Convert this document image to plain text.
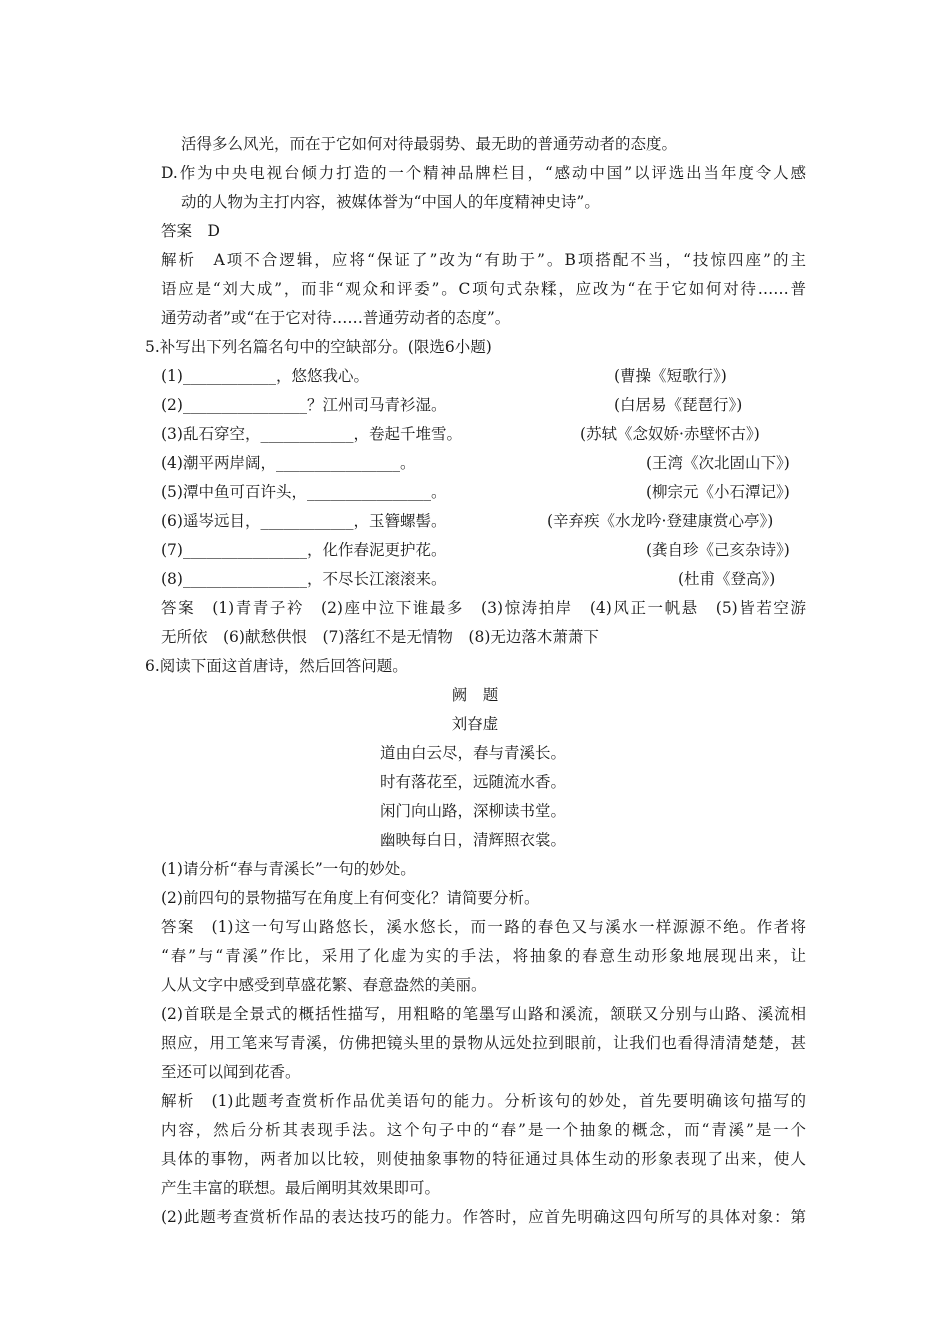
活得多么风光，而在于它如何对待最弱势、最无助的普通劳动者的态度。
D.作为中央电视台倾力打造的一个精神品牌栏目，“感动中国”以评选出当年度令人感
动的人物为主打内容，被媒体誉为“中国人的年度精神史诗”。
答案　D
解析　A项不合逻辑，应将“保证了”改为“有助于”。B项搭配不当，“技惊四座”的主
语应是“刘大成”，而非“观众和评委”。C项句式杂糅，应改为“在于它如何对待……普
通劳动者”或“在于它对待……普通劳动者的态度”。
5.补写出下列名篇名句中的空缺部分。(限选6小题)
(1)____________，悠悠我心。	(曹操《短歌行》)
(2)________________？江州司马青衫湿。	(白居易《琵琶行》)
(3)乱石穿空，____________，卷起千堆雪。	(苏轼《念奴娇·赤壁怀古》)
(4)潮平两岸阔，________________。	(王湾《次北固山下》)
(5)潭中鱼可百许头，________________。	(柳宗元《小石潭记》)
(6)遥岑远目，____________，玉簪螺髻。	(辛弃疾《水龙吟·登建康赏心亭》)
(7)________________，化作春泥更护花。	(龚自珍《己亥杂诗》)
(8)________________，不尽长江滚滚来。	(杜甫《登高》)
答案　(1)青青子衿　(2)座中泣下谁最多　(3)惊涛拍岸　(4)风正一帆悬　(5)皆若空游
无所依　(6)献愁供恨　(7)落红不是无情物　(8)无边落木萧萧下
6.阅读下面这首唐诗，然后回答问题。
阙　题
刘昚虚
道由白云尽，春与青溪长。
时有落花至，远随流水香。
闲门向山路，深柳读书堂。
幽映每白日，清辉照衣裳。
(1)请分析“春与青溪长”一句的妙处。
(2)前四句的景物描写在角度上有何变化？请简要分析。
答案　(1)这一句写山路悠长，溪水悠长，而一路的春色又与溪水一样源源不绝。作者将
“春”与“青溪”作比，采用了化虚为实的手法，将抽象的春意生动形象地展现出来，让
人从文字中感受到草盛花繁、春意盎然的美丽。
(2)首联是全景式的概括性描写，用粗略的笔墨写山路和溪流，颔联又分别与山路、溪流相
照应，用工笔来写青溪，仿佛把镜头里的景物从远处拉到眼前，让我们也看得清清楚楚，甚
至还可以闻到花香。
解析　(1)此题考查赏析作品优美语句的能力。分析该句的妙处，首先要明确该句描写的
内容，然后分析其表现手法。这个句子中的“春”是一个抽象的概念，而“青溪”是一个
具体的事物，两者加以比较，则使抽象事物的特征通过具体生动的形象表现了出来，使人
产生丰富的联想。最后阐明其效果即可。
(2)此题考查赏析作品的表达技巧的能力。作答时，应首先明确这四句所写的具体对象：第
